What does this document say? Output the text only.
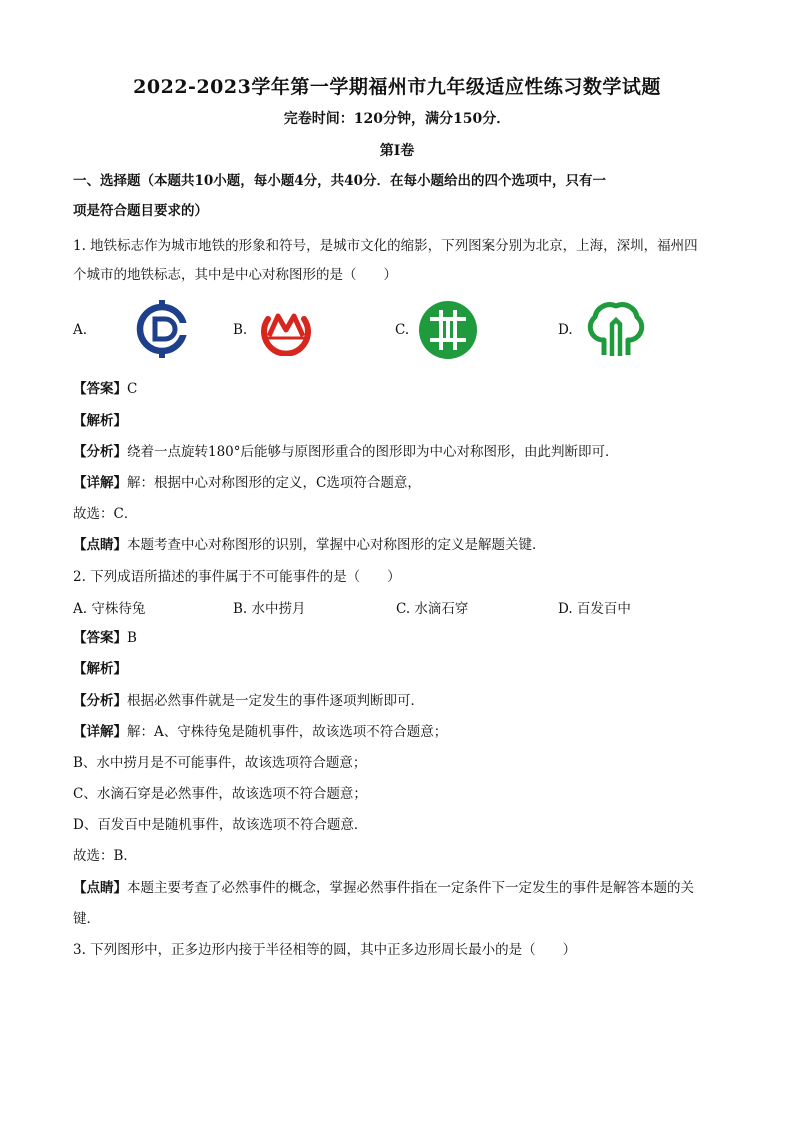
2022-2023学年第一学期福州市九年级适应性练习数学试题
完卷时间：120分钟，满分150分．
第I卷
一、选择题（本题共10小题，每小题4分，共40分．在每小题给出的四个选项中，只有一
项是符合题目要求的）
1. 地铁标志作为城市地铁的形象和符号，是城市文化的缩影，下列图案分别为北京，上海，深圳，福州四
个城市的地铁标志，其中是中心对称图形的是（　　）
A.	B.	C.	D.
【答案】C
【解析】
【分析】绕着一点旋转180°后能够与原图形重合的图形即为中心对称图形，由此判断即可．
【详解】解：根据中心对称图形的定义，C选项符合题意，
故选：C．
【点睛】本题考查中心对称图形的识别，掌握中心对称图形的定义是解题关键．
2. 下列成语所描述的事件属于不可能事件的是（　　）
A. 守株待兔	B. 水中捞月	C. 水滴石穿	D. 百发百中
【答案】B
【解析】
【分析】根据必然事件就是一定发生的事件逐项判断即可．
【详解】解：A、守株待兔是随机事件，故该选项不符合题意；
B、水中捞月是不可能事件，故该选项符合题意；
C、水滴石穿是必然事件，故该选项不符合题意；
D、百发百中是随机事件，故该选项不符合题意．
故选：B．
【点睛】本题主要考查了必然事件的概念，掌握必然事件指在一定条件下一定发生的事件是解答本题的关
键．
3. 下列图形中，正多边形内接于半径相等的圆，其中正多边形周长最小的是（　　）
